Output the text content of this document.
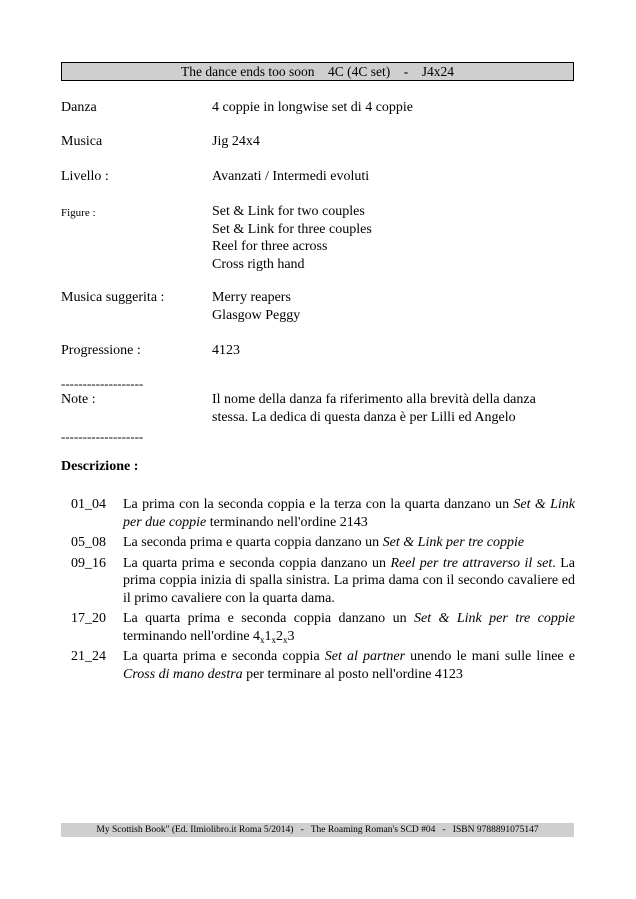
The dance ends too soon    4C (4C set)    -    J4x24
Danza	4 coppie in longwise set di 4 coppie
Musica	Jig 24x4
Livello :	Avanzati / Intermedi evoluti
Figure :	Set & Link for two couples
Set & Link for three couples
Reel for three across
Cross rigth hand
Musica suggerita :	Merry reapers
Glasgow Peggy
Progressione :	4123
-------------------
Note :	Il nome della danza fa riferimento alla brevità della danza stessa. La dedica di questa danza è per Lilli ed Angelo
-------------------
Descrizione :
01_04	La prima con la seconda coppia e la terza con la quarta danzano un Set & Link per due coppie terminando nell'ordine 2143
05_08	La seconda prima e quarta coppia danzano un Set & Link per tre coppie
09_16	La quarta prima e seconda coppia danzano un Reel per tre attraverso il set. La prima coppia inizia di spalla sinistra. La prima dama con il secondo cavaliere ed il primo cavaliere con la quarta dama.
17_20	La quarta prima e seconda coppia danzano un Set & Link per tre coppie terminando nell'ordine $4_x1_x2_x3$
21_24	La quarta prima e seconda coppia Set al partner unendo le mani sulle linee e Cross di mano destra per terminare al posto nell'ordine 4123
My Scottish Book" (Ed. Ilmiolibro.it Roma 5/2014)   -   The Roaming Roman's SCD #04   -   ISBN 9788891075147
